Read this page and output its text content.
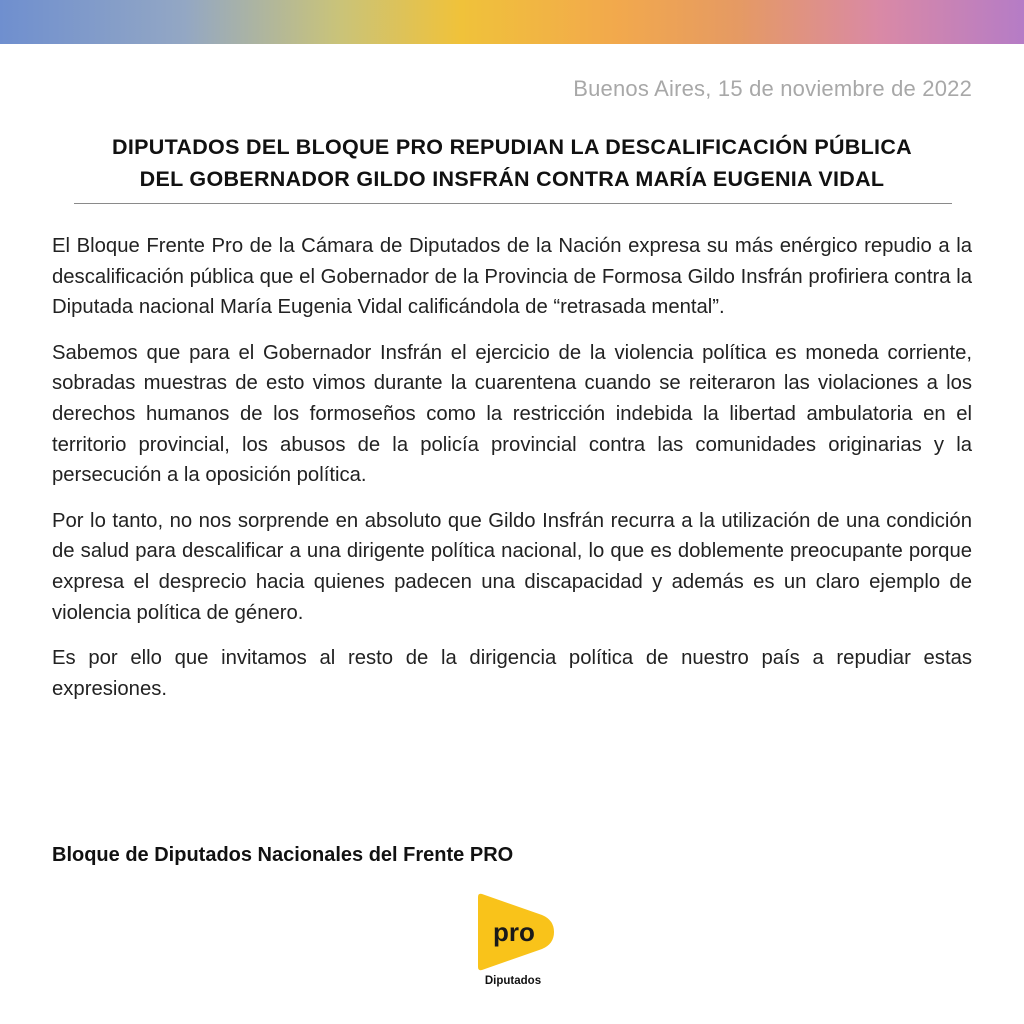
Buenos Aires, 15 de noviembre de 2022
DIPUTADOS DEL BLOQUE PRO REPUDIAN LA DESCALIFICACIÓN PÚBLICA
DEL GOBERNADOR GILDO INSFRÁN CONTRA MARÍA EUGENIA VIDAL

El Bloque Frente Pro de la Cámara de Diputados de la Nación expresa su más enérgico repudio a la descalificación pública que el Gobernador de la Provincia de Formosa Gildo Insfrán profiriera contra la Diputada nacional María Eugenia Vidal calificándola de “retrasada mental”.

Sabemos que para el Gobernador Insfrán el ejercicio de la violencia política es moneda corriente, sobradas muestras de esto vimos durante la cuarentena cuando se reiteraron las violaciones a los derechos humanos de los formoseños como la restricción indebida la libertad ambulatoria en el territorio provincial, los abusos de la policía provincial contra las comunidades originarias y la persecución a la oposición política.

Por lo tanto, no nos sorprende en absoluto que Gildo Insfrán recurra a la utilización de una condición de salud para descalificar a una dirigente política nacional, lo que es doblemente preocupante porque expresa el desprecio hacia quienes padecen una discapacidad y además es un claro ejemplo de violencia política de género.

Es por ello que invitamos al resto de la dirigencia política de nuestro país a repudiar estas expresiones.

Bloque de Diputados Nacionales del Frente PRO
pro
Diputados
